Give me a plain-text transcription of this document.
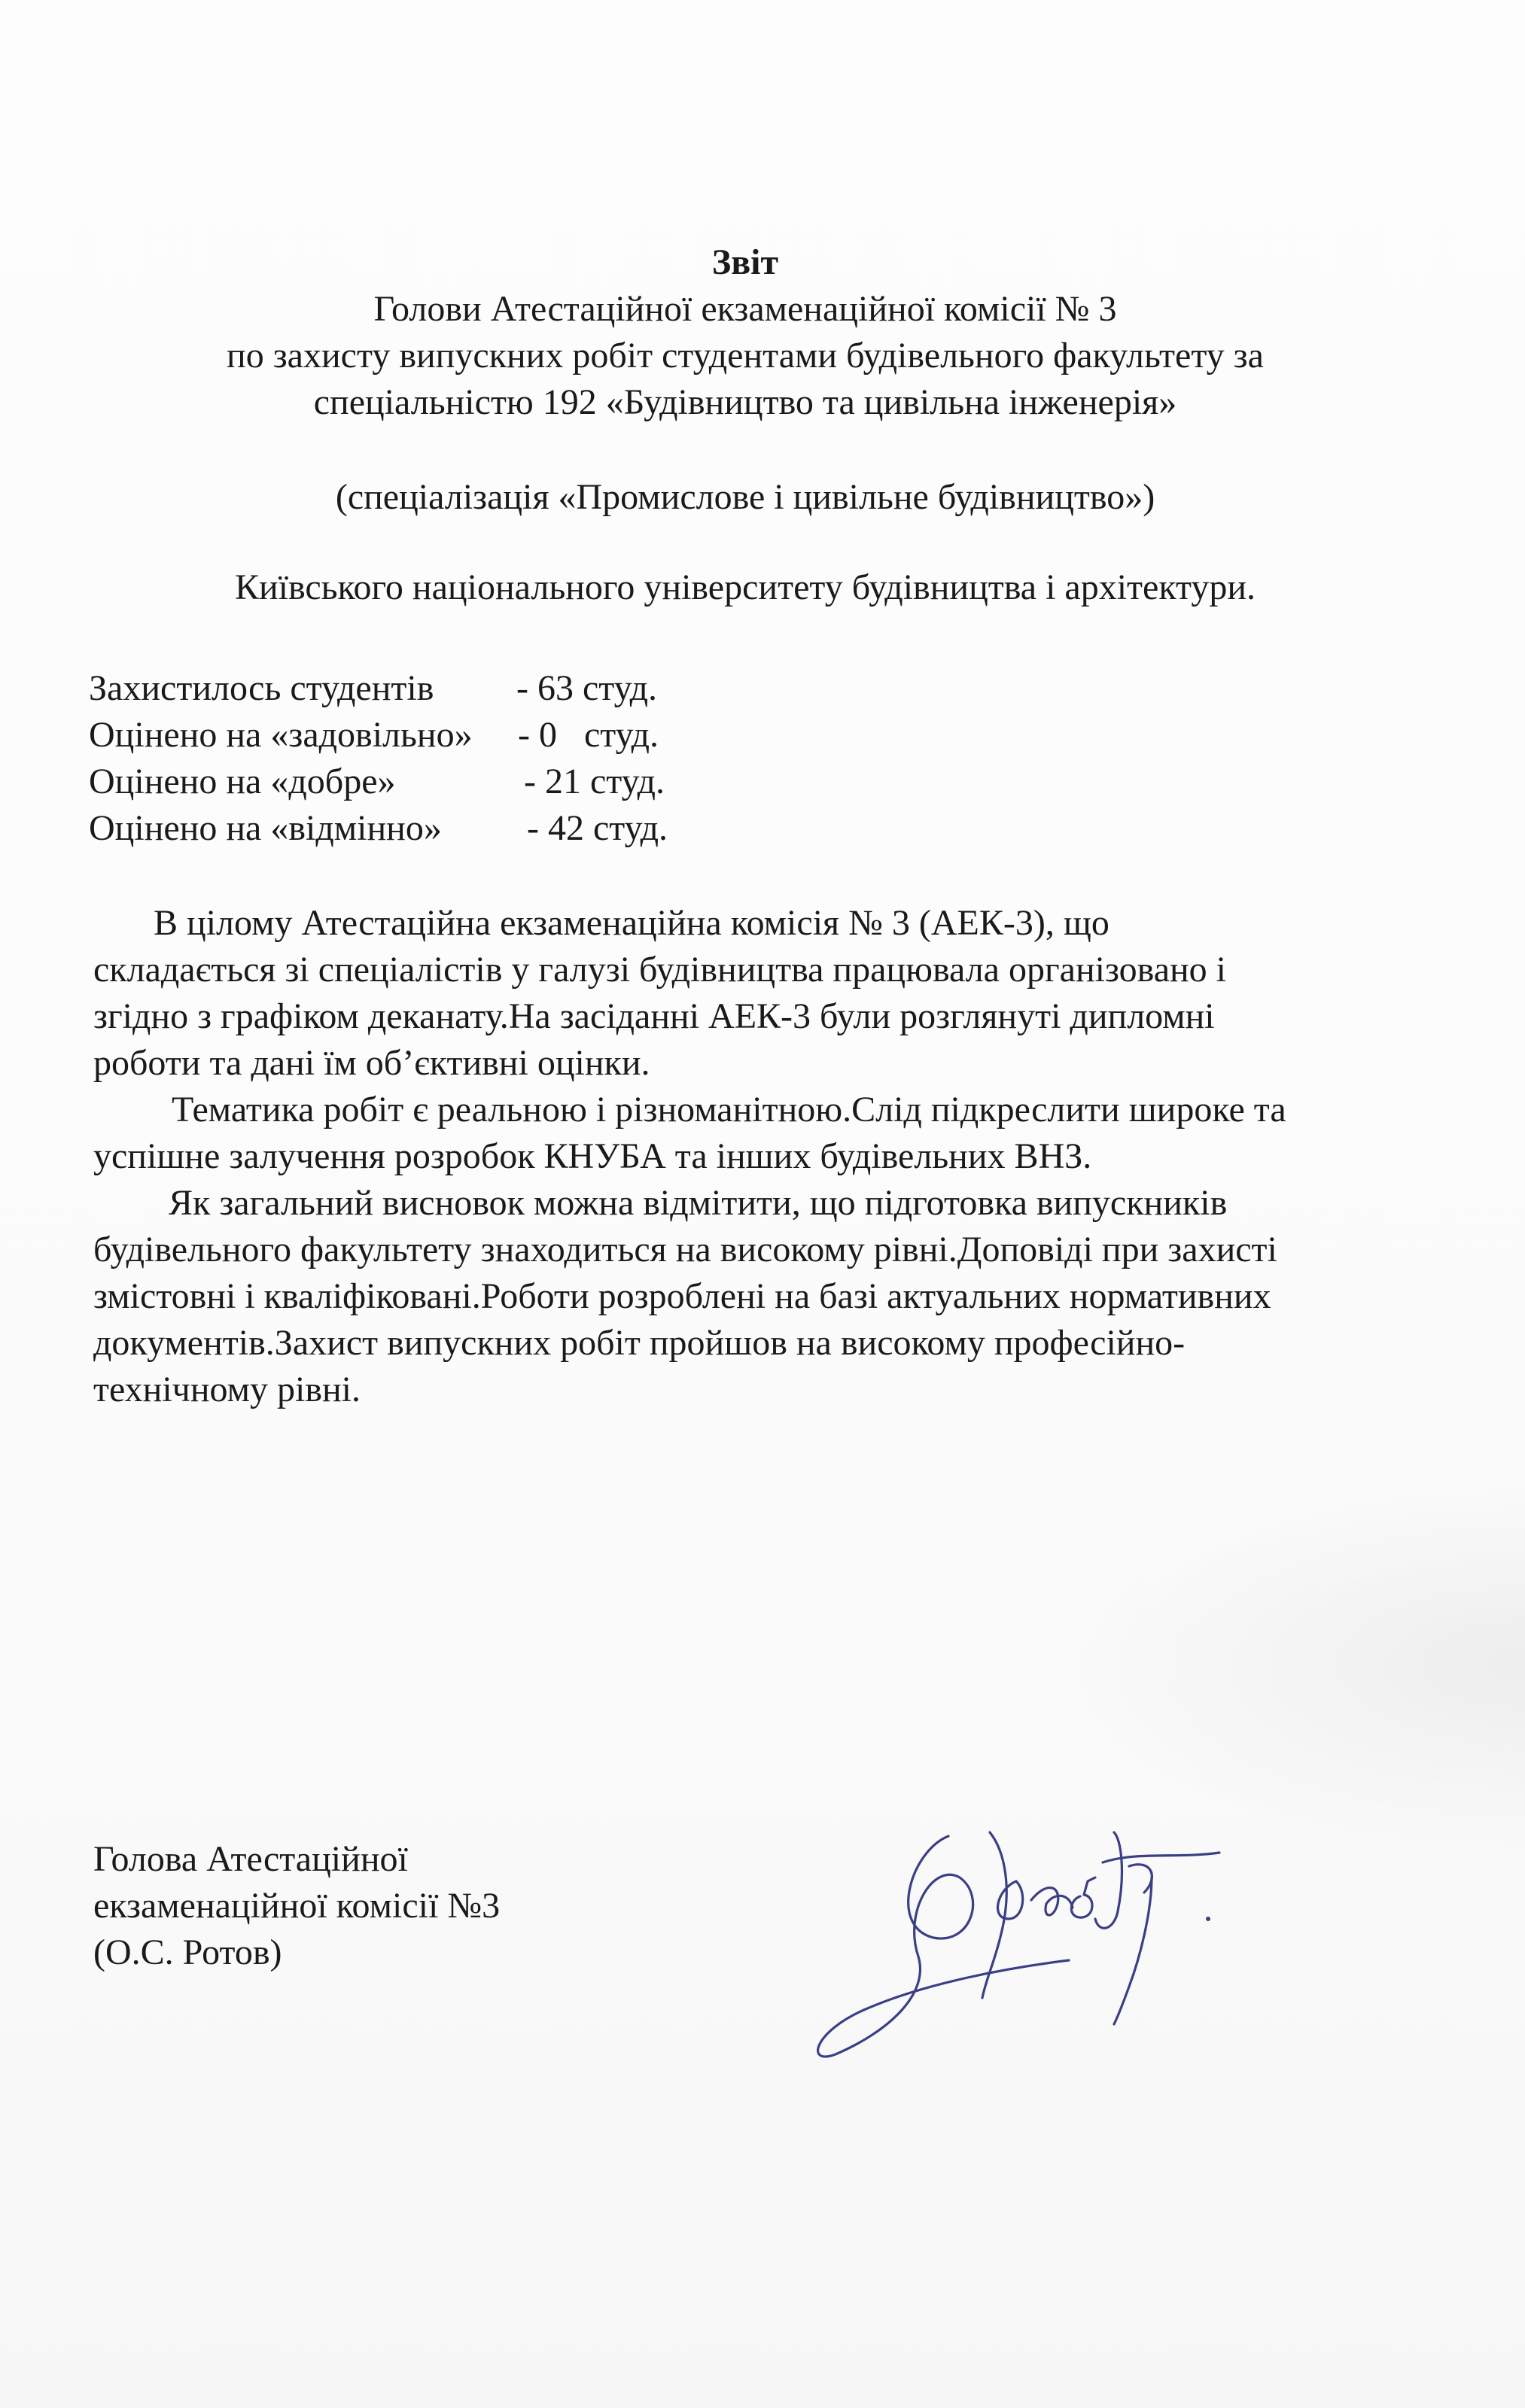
Звіт
Голови Атестаційної екзаменаційної комісії № 3
по захисту випускних робіт студентами будівельного факультету за
спеціальністю 192 «Будівництво та цивільна інженерія»
(спеціалізація «Промислове і цивільне будівництво»)
Київського національного університету будівництва і архітектури.
Захистилось студентів - 63 студ.
Оцінено на «задовільно» - 0   студ.
Оцінено на «добре»	- 21 студ.
Оцінено на «відмінно» - 42 студ.
В цілому Атестаційна екзаменаційна комісія № 3 (АЕК-3), що
складається зі спеціалістів у галузі будівництва працювала організовано і
згідно з графіком деканату.На засіданні АЕК-3 були розглянуті дипломні
роботи та дані їм об’єктивні оцінки.
Тематика робіт є реальною і різноманітною.Слід підкреслити широке та
успішне залучення розробок КНУБА та інших будівельних ВНЗ.
Як загальний висновок можна відмітити, що підготовка випускників
будівельного факультету знаходиться на високому рівні.Доповіді при захисті
змістовні і кваліфіковані.Роботи розроблені на базі актуальних нормативних
документів.Захист випускних робіт пройшов на високому професійно-
технічному рівні.
Голова Атестаційної
екзаменаційної комісії №3
(О.С. Ротов)
